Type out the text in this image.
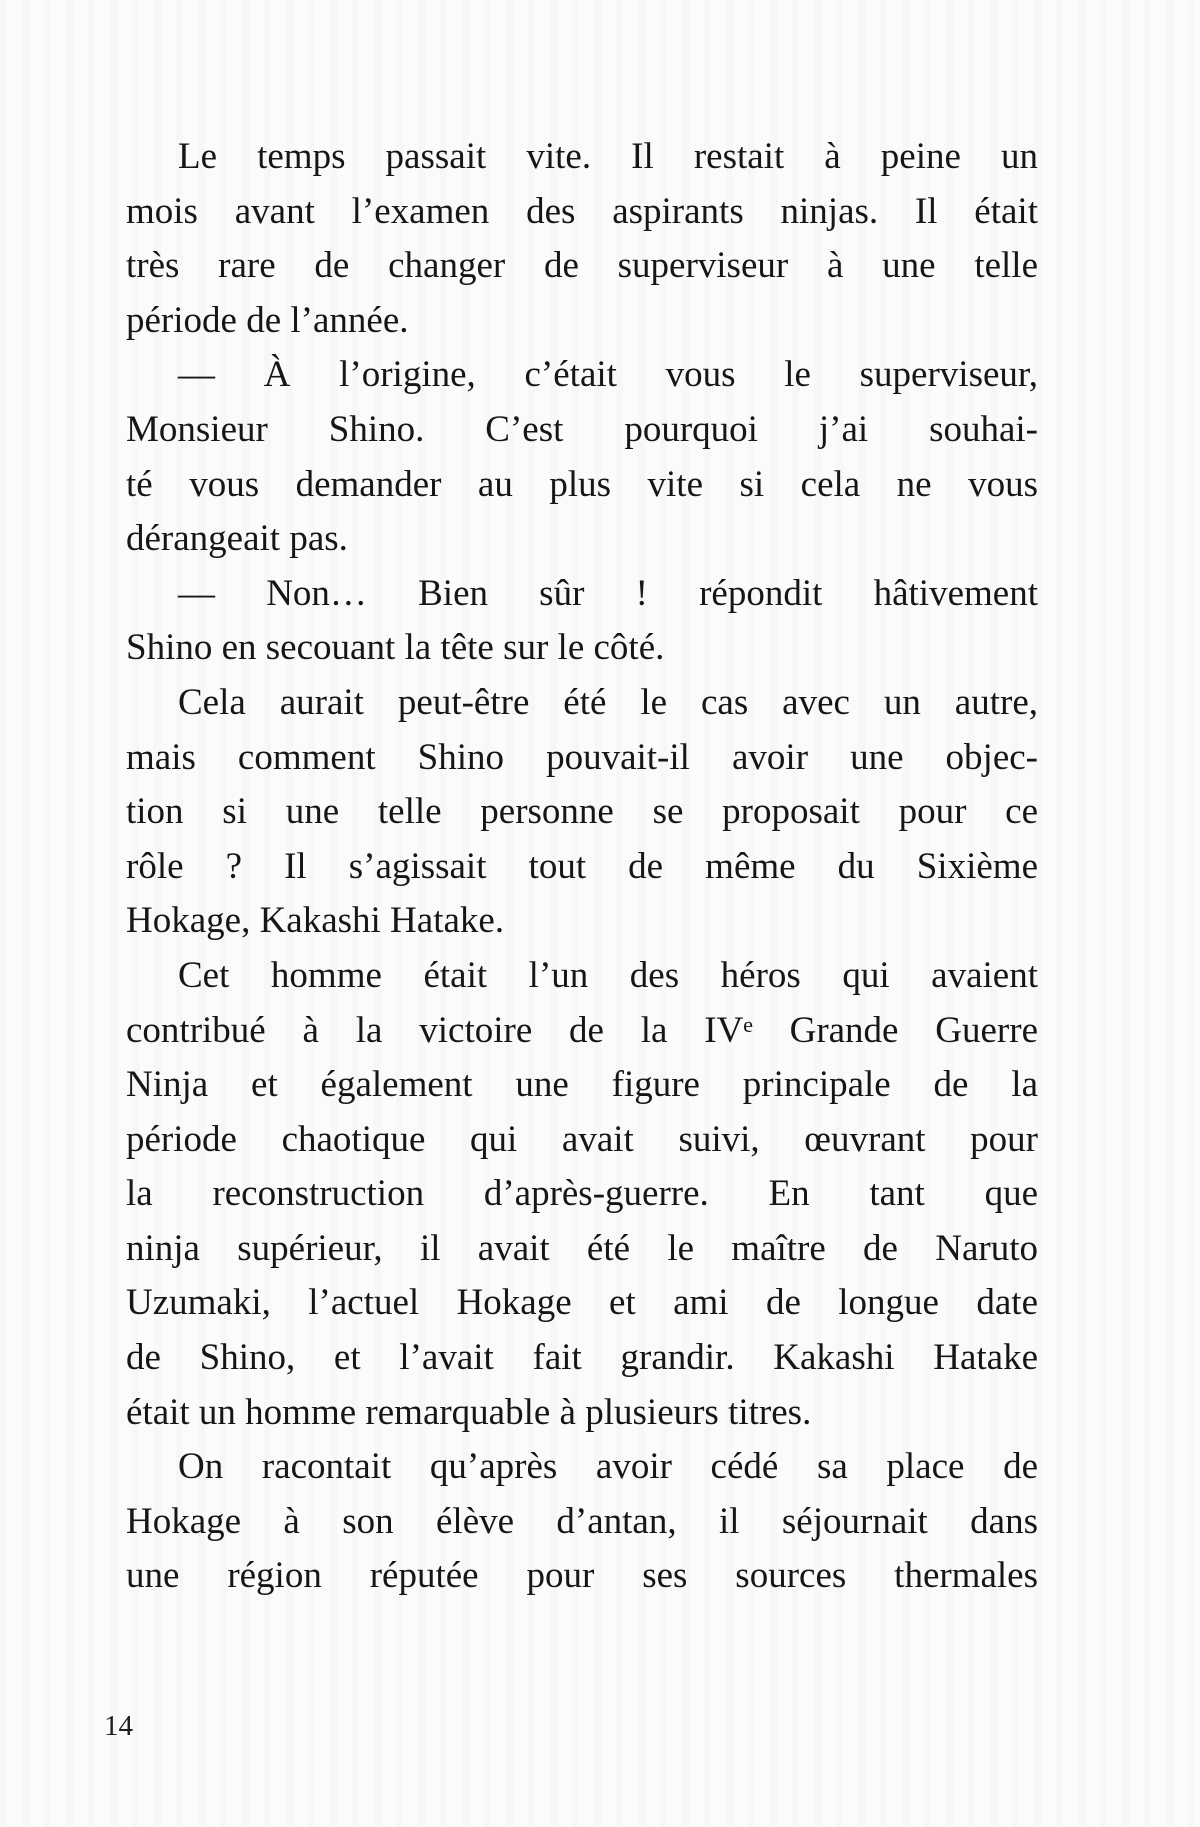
Le temps passait vite. Il restait à peine un
mois avant l’examen des aspirants ninjas. Il était
très rare de changer de superviseur à une telle
période de l’année.
— À l’origine, c’était vous le superviseur,
Monsieur Shino. C’est pourquoi j’ai souhai-
té vous demander au plus vite si cela ne vous
dérangeait pas.
— Non… Bien sûr ! répondit hâtivement
Shino en secouant la tête sur le côté.
Cela aurait peut-être été le cas avec un autre,
mais comment Shino pouvait-il avoir une objec-
tion si une telle personne se proposait pour ce
rôle ? Il s’agissait tout de même du Sixième
Hokage, Kakashi Hatake.
Cet homme était l’un des héros qui avaient
contribué à la victoire de la IVᵉ Grande Guerre
Ninja et également une figure principale de la
période chaotique qui avait suivi, œuvrant pour
la reconstruction d’après-guerre. En tant que
ninja supérieur, il avait été le maître de Naruto
Uzumaki, l’actuel Hokage et ami de longue date
de Shino, et l’avait fait grandir. Kakashi Hatake
était un homme remarquable à plusieurs titres.
On racontait qu’après avoir cédé sa place de
Hokage à son élève d’antan, il séjournait dans
une région réputée pour ses sources thermales
14
